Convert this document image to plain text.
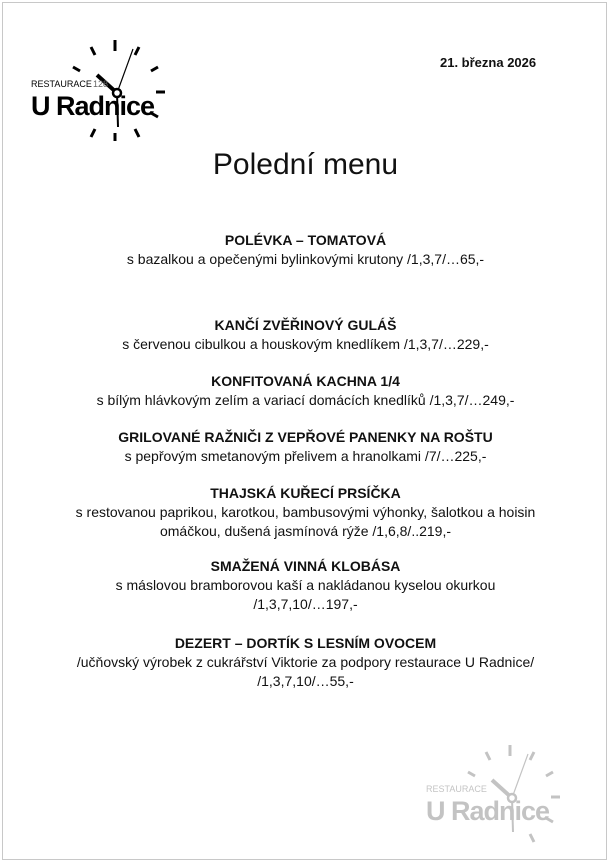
RESTAURACE 128
U Radnice
21. března 2026
Polední menu
POLÉVKA – TOMATOVÁ
s bazalkou a opečenými bylinkovými krutony /1,3,7/…65,-
KANČÍ ZVĚŘINOVÝ GULÁŠ
s červenou cibulkou a houskovým knedlíkem /1,3,7/…229,-
KONFITOVANÁ KACHNA 1/4
s bílým hlávkovým zelím a variací domácích knedlíků /1,3,7/…249,-
GRILOVANÉ RAŽNIČI Z VEPŘOVÉ PANENKY NA ROŠTU
s pepřovým smetanovým přelivem a hranolkami /7/…225,-
THAJSKÁ KUŘECÍ PRSÍČKA
s restovanou paprikou, karotkou, bambusovými výhonky, šalotkou a hoisin
omáčkou, dušená jasmínová rýže /1,6,8/..219,-
SMAŽENÁ VINNÁ KLOBÁSA
s máslovou bramborovou kaší a nakládanou kyselou okurkou
/1,3,7,10/…197,-
DEZERT – DORTÍK S LESNÍM OVOCEM
/učňovský výrobek z cukrářství Viktorie za podpory restaurace U Radnice/
/1,3,7,10/…55,-
RESTAURACE
U Radnice
